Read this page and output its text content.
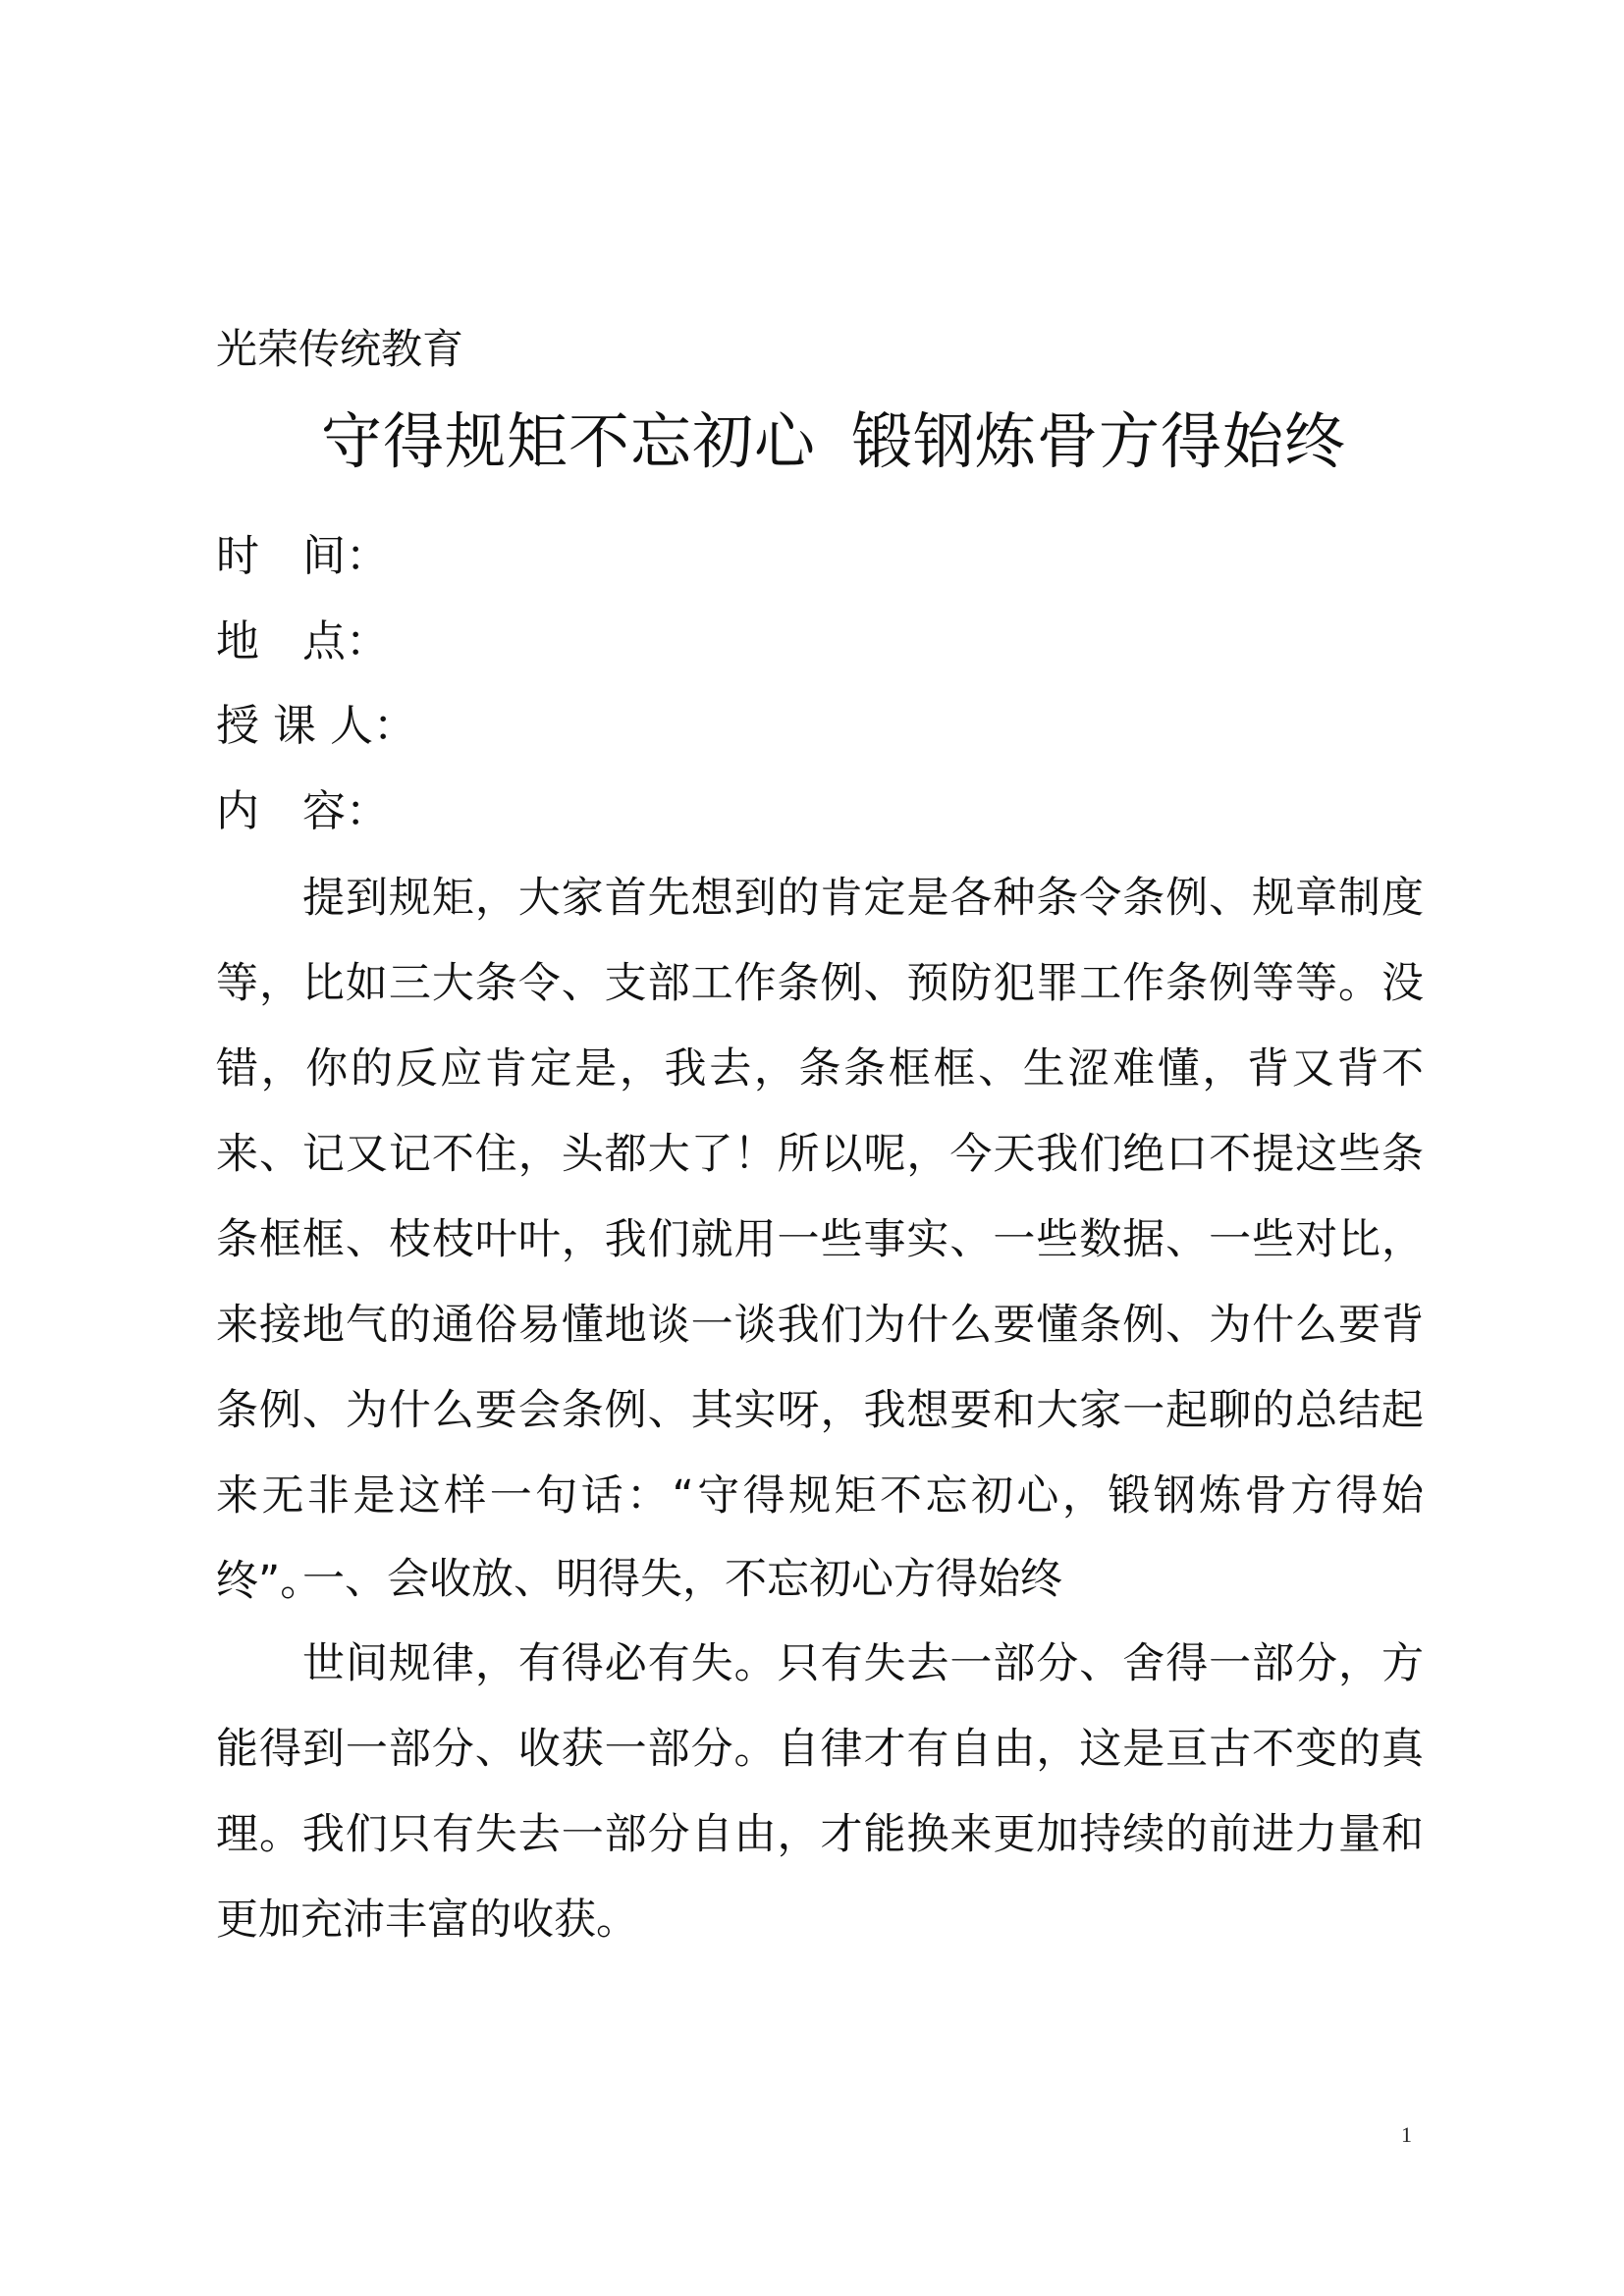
光荣传统教育
守得规矩不忘初心 锻钢炼骨方得始终
时　间：
地　点：
授 课 人：
内　容：

提到规矩，大家首先想到的肯定是各种条令条例、规章制度等，比如三大条令、支部工作条例、预防犯罪工作条例等等。没错，你的反应肯定是，我去，条条框框、生涩难懂，背又背不来、记又记不住，头都大了！所以呢，今天我们绝口不提这些条条框框、枝枝叶叶，我们就用一些事实、一些数据、一些对比，来接地气的通俗易懂地谈一谈我们为什么要懂条例、为什么要背条例、为什么要会条例、其实呀，我想要和大家一起聊的总结起来无非是这样一句话：“守得规矩不忘初心，锻钢炼骨方得始终”。

一、会收放、明得失，不忘初心方得始终

世间规律，有得必有失。只有失去一部分、舍得一部分，方能得到一部分、收获一部分。自律才有自由，这是亘古不变的真理。我们只有失去一部分自由，才能换来更加持续的前进力量和更加充沛丰富的收获。

1
